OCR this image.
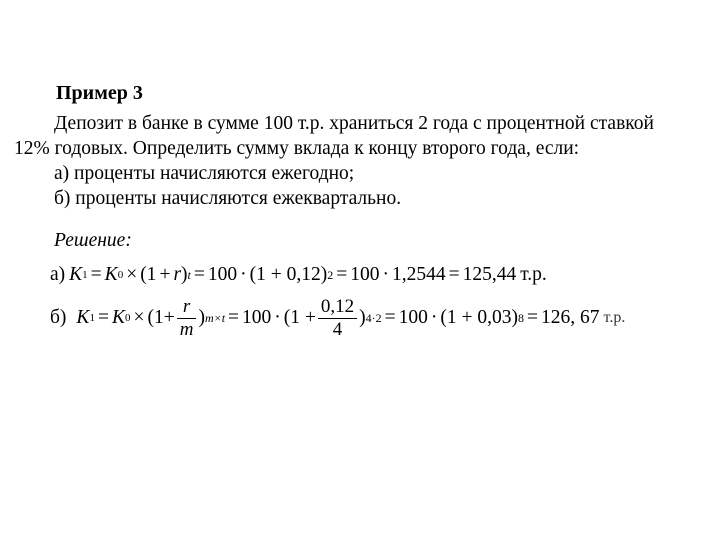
Пример 3
Депозит в банке в сумме 100 т.р. храниться 2 года с процентной ставкой
12% годовых. Определить сумму вклада к концу второго года, если:
а) проценты начисляются ежегодно;
б) проценты начисляются ежеквартально.
Решение:
а) K 1 = K 0 × (1 + r ) t = 100 · (1 + 0,12) 2 = 100 · 1,2544 = 125,44 т.р.
б) K 1 = K $0 \times (1+ \frac{r}{m}$ ) $m\times t = 100 \cdot (1 + \frac{0,12}{4}$ ) 4·2 = 100 · (1 + 0,03) 8 = 126, 67 т.р.
